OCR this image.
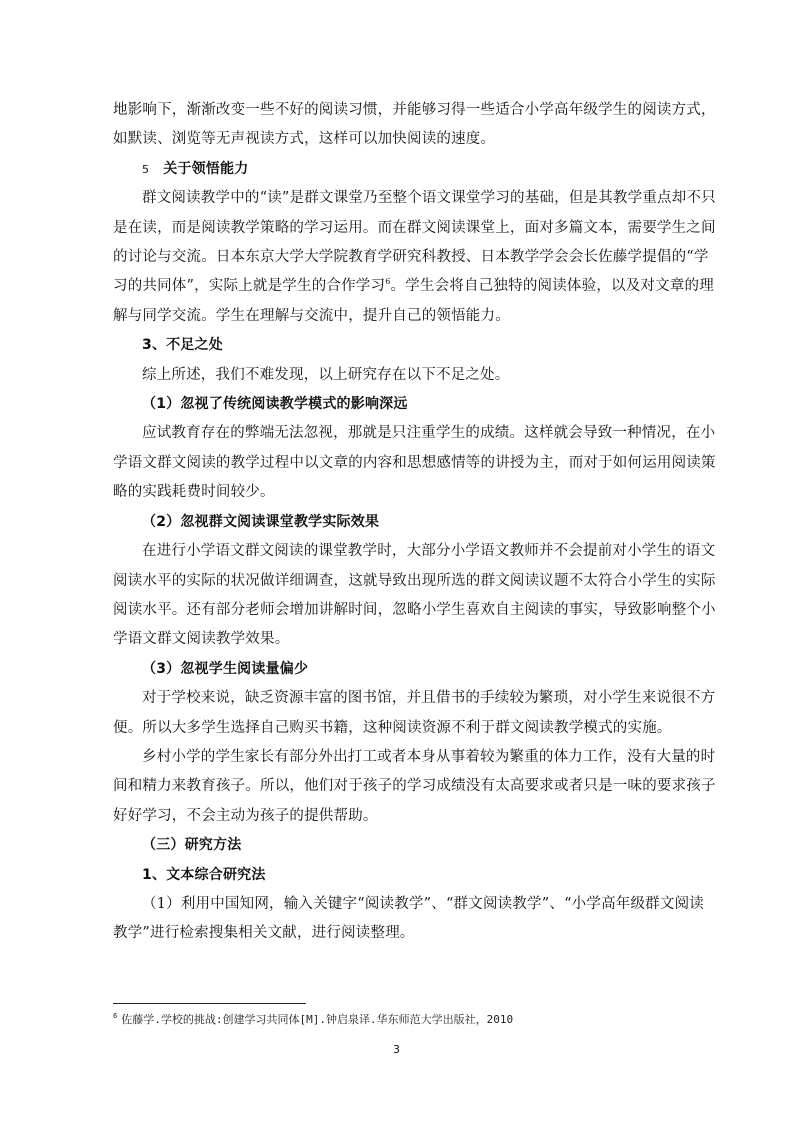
地影响下，渐渐改变一些不好的阅读习惯，并能够习得一些适合小学高年级学生的阅读方式，如默读、浏览等无声视读方式，这样可以加快阅读的速度。

5 关于领悟能力

群文阅读教学中的“读”是群文课堂乃至整个语文课堂学习的基础，但是其教学重点却不只是在读，而是阅读教学策略的学习运用。而在群文阅读课堂上，面对多篇文本，需要学生之间的讨论与交流。日本东京大学大学院教育学研究科教授、日本教学学会会长佐藤学提倡的“学习的共同体”，实际上就是学生的合作学习$^6$。学生会将自己独特的阅读体验，以及对文章的理解与同学交流。学生在理解与交流中，提升自己的领悟能力。

3、不足之处

综上所述，我们不难发现，以上研究存在以下不足之处。

（1）忽视了传统阅读教学模式的影响深远

应试教育存在的弊端无法忽视，那就是只注重学生的成绩。这样就会导致一种情况，在小学语文群文阅读的教学过程中以文章的内容和思想感情等的讲授为主，而对于如何运用阅读策略的实践耗费时间较少。

（2）忽视群文阅读课堂教学实际效果

在进行小学语文群文阅读的课堂教学时，大部分小学语文教师并不会提前对小学生的语文阅读水平的实际的状况做详细调查，这就导致出现所选的群文阅读议题不太符合小学生的实际阅读水平。还有部分老师会增加讲解时间，忽略小学生喜欢自主阅读的事实，导致影响整个小学语文群文阅读教学效果。

（3）忽视学生阅读量偏少

对于学校来说，缺乏资源丰富的图书馆，并且借书的手续较为繁琐，对小学生来说很不方便。所以大多学生选择自己购买书籍，这种阅读资源不利于群文阅读教学模式的实施。

乡村小学的学生家长有部分外出打工或者本身从事着较为繁重的体力工作，没有大量的时间和精力来教育孩子。所以，他们对于孩子的学习成绩没有太高要求或者只是一味的要求孩子好好学习，不会主动为孩子的提供帮助。

（三）研究方法

1、文本综合研究法

（1）利用中国知网，输入关键字“阅读教学”、“群文阅读教学”、“小学高年级群文阅读教学”进行检索搜集相关文献，进行阅读整理。

$^6$ 佐藤学.学校的挑战:创建学习共同体[M].钟启泉译.华东师范大学出版社，2010
3
